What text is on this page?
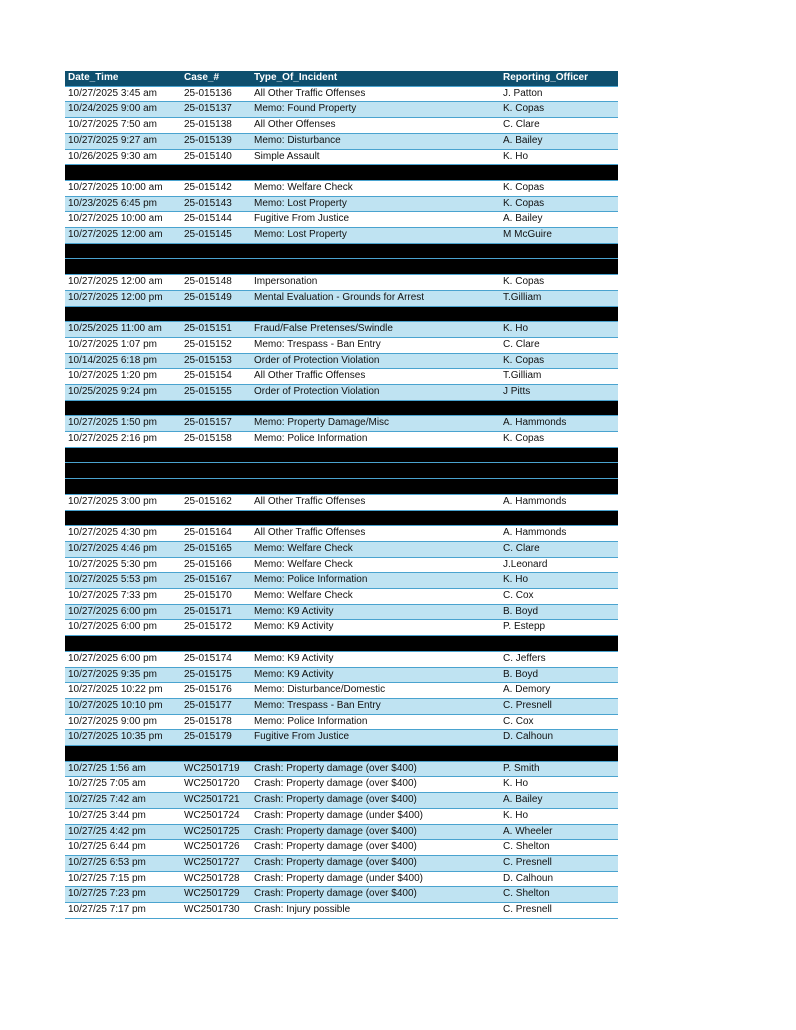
Date_Time	Case_#	Type_Of_Incident	Reporting_Officer
10/27/2025 3:45 am	25-015136	All Other Traffic Offenses	J. Patton
10/24/2025 9:00 am	25-015137	Memo: Found Property	K. Copas
10/27/2025 7:50 am	25-015138	All Other Offenses	C. Clare
10/27/2025 9:27 am	25-015139	Memo: Disturbance	A. Bailey
10/26/2025 9:30 am	25-015140	Simple Assault	K. Ho

10/27/2025 10:00 am	25-015142	Memo: Welfare Check	K. Copas
10/23/2025 6:45 pm	25-015143	Memo: Lost Property	K. Copas
10/27/2025 10:00 am	25-015144	Fugitive From Justice	A. Bailey
10/27/2025 12:00 am	25-015145	Memo: Lost Property	M McGuire

10/27/2025 12:00 am	25-015148	Impersonation	K. Copas
10/27/2025 12:00 pm	25-015149	Mental Evaluation - Grounds for Arrest	T.Gilliam

10/25/2025 11:00 am	25-015151	Fraud/False Pretenses/Swindle	K. Ho
10/27/2025 1:07 pm	25-015152	Memo: Trespass - Ban Entry	C. Clare
10/14/2025 6:18 pm	25-015153	Order of Protection Violation	K. Copas
10/27/2025 1:20 pm	25-015154	All Other Traffic Offenses	T.Gilliam
10/25/2025 9:24 pm	25-015155	Order of Protection Violation	J Pitts

10/27/2025 1:50 pm	25-015157	Memo: Property Damage/Misc	A. Hammonds
10/27/2025 2:16 pm	25-015158	Memo: Police Information	K. Copas

10/27/2025 3:00 pm	25-015162	All Other Traffic Offenses	A. Hammonds

10/27/2025 4:30 pm	25-015164	All Other Traffic Offenses	A. Hammonds
10/27/2025 4:46 pm	25-015165	Memo: Welfare Check	C. Clare
10/27/2025 5:30 pm	25-015166	Memo: Welfare Check	J.Leonard
10/27/2025 5:53 pm	25-015167	Memo: Police Information	K. Ho
10/27/2025 7:33 pm	25-015170	Memo: Welfare Check	C. Cox
10/27/2025 6:00 pm	25-015171	Memo: K9 Activity	B. Boyd
10/27/2025 6:00 pm	25-015172	Memo: K9 Activity	P. Estepp

10/27/2025 6:00 pm	25-015174	Memo: K9 Activity	C. Jeffers
10/27/2025 9:35 pm	25-015175	Memo: K9 Activity	B. Boyd
10/27/2025 10:22 pm	25-015176	Memo: Disturbance/Domestic	A. Demory
10/27/2025 10:10 pm	25-015177	Memo: Trespass - Ban Entry	C. Presnell
10/27/2025 9:00 pm	25-015178	Memo: Police Information	C. Cox
10/27/2025 10:35 pm	25-015179	Fugitive From Justice	D. Calhoun

10/27/25 1:56 am	WC2501719	Crash: Property damage (over $400)	P. Smith
10/27/25 7:05 am	WC2501720	Crash: Property damage (over $400)	K. Ho
10/27/25 7:42 am	WC2501721	Crash: Property damage (over $400)	A. Bailey
10/27/25 3:44 pm	WC2501724	Crash: Property damage (under $400)	K. Ho
10/27/25 4:42 pm	WC2501725	Crash: Property damage (over $400)	A. Wheeler
10/27/25 6:44 pm	WC2501726	Crash: Property damage (over $400)	C. Shelton
10/27/25 6:53 pm	WC2501727	Crash: Property damage (over $400)	C. Presnell
10/27/25 7:15 pm	WC2501728	Crash: Property damage (under $400)	D. Calhoun
10/27/25 7:23 pm	WC2501729	Crash: Property damage (over $400)	C. Shelton
10/27/25 7:17 pm	WC2501730	Crash: Injury possible	C. Presnell
